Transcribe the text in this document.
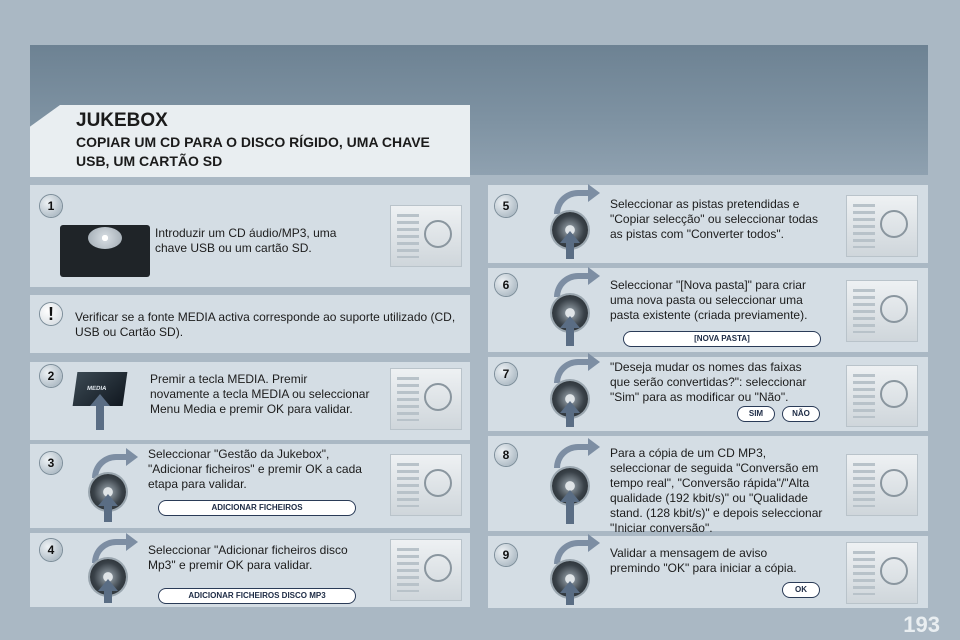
JUKEBOX
COPIAR UM CD PARA O DISCO RÍGIDO, UMA CHAVE USB, UM CARTÃO SD
1
Introduzir um CD áudio/MP3, uma chave USB ou um cartão SD.
!	Verificar se a fonte MEDIA activa corresponde ao suporte utilizado (CD, USB ou Cartão SD).
2
MEDIA
Premir a tecla MEDIA. Premir novamente a tecla MEDIA ou seleccionar Menu Media e premir OK para validar.
3
Seleccionar "Gestão da Jukebox", "Adicionar ficheiros" e premir OK a cada etapa para validar.
ADICIONAR FICHEIROS
4	Seleccionar "Adicionar ficheiros disco Mp3" e premir OK para validar.
ADICIONAR FICHEIROS DISCO MP3
5	Seleccionar as pistas pretendidas e "Copiar selecção" ou seleccionar todas as pistas com "Converter todos".
6	Seleccionar "[Nova pasta]" para criar uma nova pasta ou seleccionar uma pasta existente (criada previamente).
[NOVA PASTA]
7	"Deseja mudar os nomes das faixas que serão convertidas?": seleccionar "Sim" para as modificar ou "Não".
SIM	NÃO
8	Para a cópia de um CD MP3, seleccionar de seguida "Conversão em tempo real", "Conversão rápida"/"Alta qualidade (192 kbit/s)" ou "Qualidade stand. (128 kbit/s)" e depois seleccionar "Iniciar conversão".
9	Validar a mensagem de aviso premindo "OK" para iniciar a cópia.
OK
193
